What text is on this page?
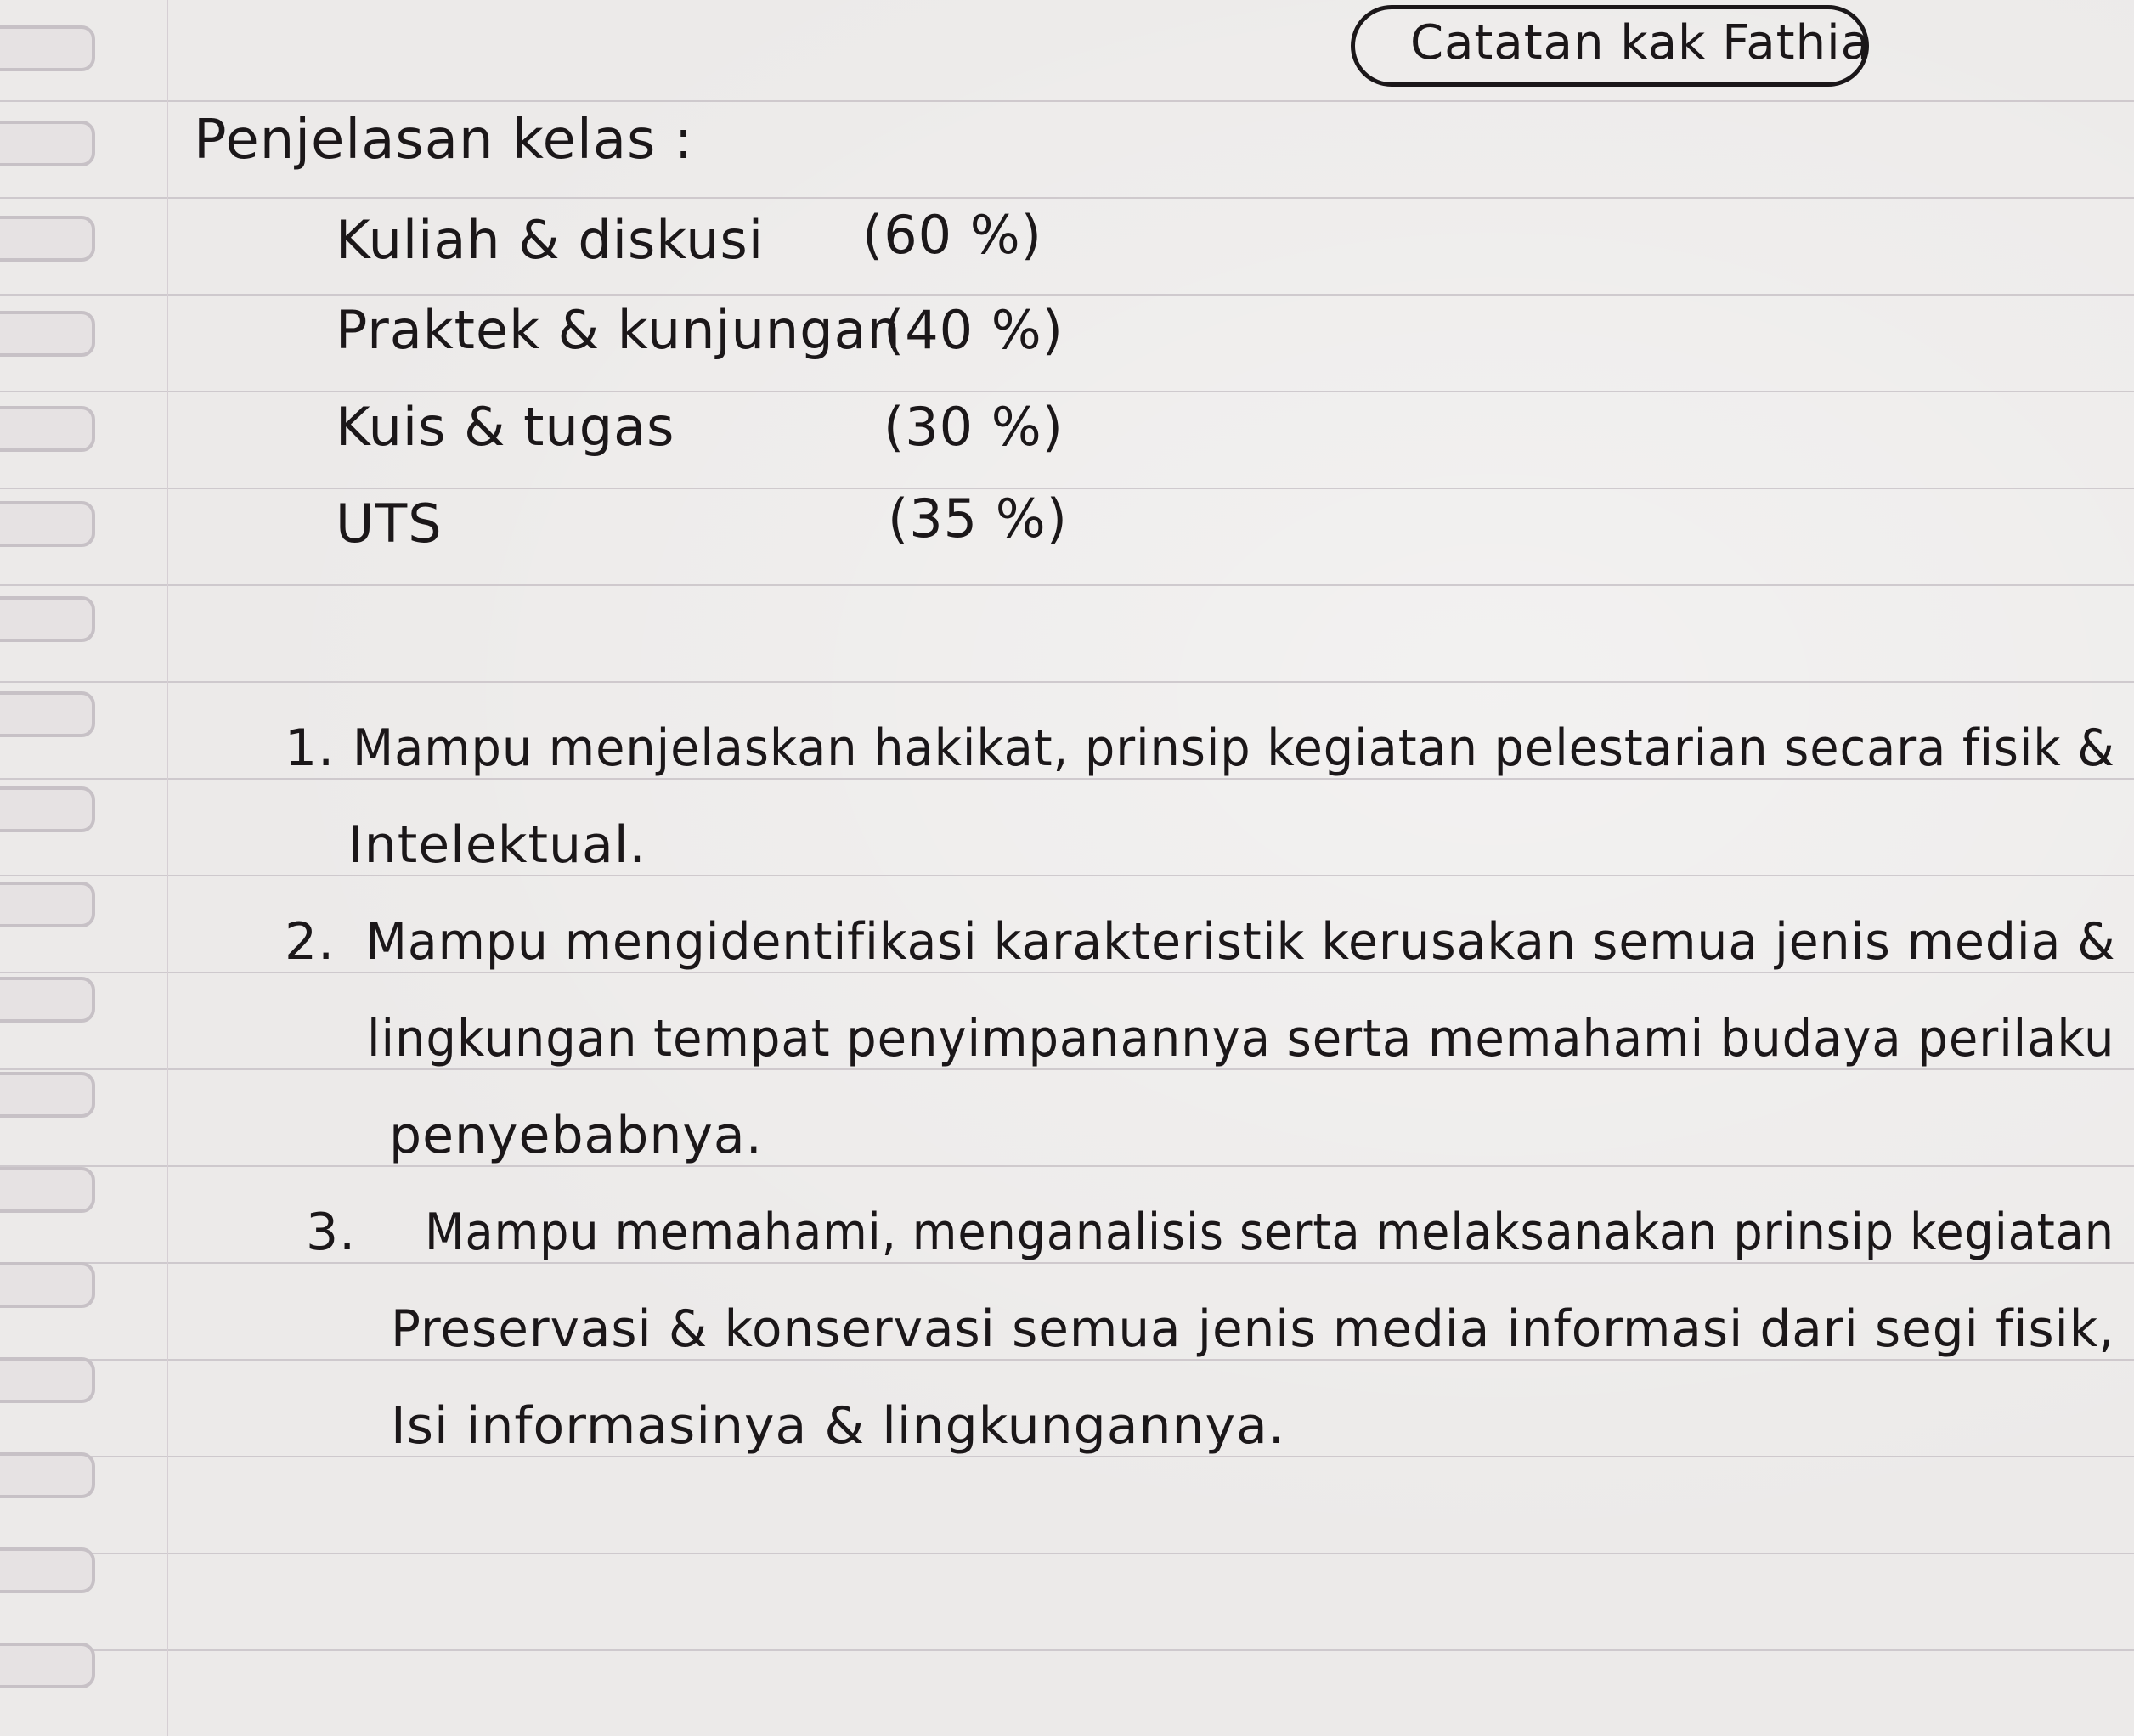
Catatan kak Fathia
Penjelasan kelas :
Kuliah & diskusi (60 %)
Praktek & kunjungan
(40 %)
Kuis & tugas	(30 %)
UTS	(35 %)
1. Mampu menjelaskan hakikat, prinsip kegiatan pelestarian secara fisik &
Intelektual.
2. Mampu mengidentifikasi karakteristik kerusakan semua jenis media &
lingkungan tempat penyimpanannya serta memahami budaya perilaku
penyebabnya.
3. Mampu memahami, menganalisis serta melaksanakan prinsip kegiatan
Preservasi & konservasi semua jenis media informasi dari segi fisik,
Isi informasinya & lingkungannya.
